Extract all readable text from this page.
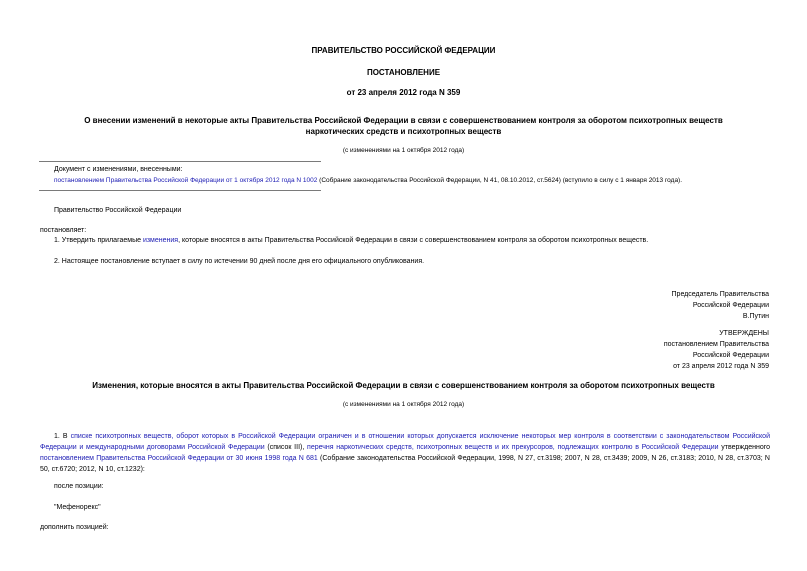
ПРАВИТЕЛЬСТВО РОССИЙСКОЙ ФЕДЕРАЦИИ
ПОСТАНОВЛЕНИЕ
от 23 апреля 2012 года N 359
О внесении изменений в некоторые акты Правительства Российской Федерации в связи с совершенствованием контроля за оборотом психотропных веществ
наркотических средств и психотропных веществ
(с изменениями на 1 октября 2012 года)
Документ с изменениями, внесенными:
постановлением Правительства Российской Федерации от 1 октября 2012 года N 1002 (Собрание законодательства Российской Федерации, N 41, 08.10.2012, ст.5624) (вступило в силу с 1 января 2013 года).
Правительство Российской Федерации
постановляет:
1. Утвердить прилагаемые изменения, которые вносятся в акты Правительства Российской Федерации в связи с совершенствованием контроля за оборотом психотропных веществ.
2. Настоящее постановление вступает в силу по истечении 90 дней после дня его официального опубликования.
Председатель Правительства
Российской Федерации
В.Путин
УТВЕРЖДЕНЫ
постановлением Правительства
Российской Федерации
от 23 апреля 2012 года N 359
Изменения, которые вносятся в акты Правительства Российской Федерации в связи с совершенствованием контроля за оборотом психотропных веществ
(с изменениями на 1 октября 2012 года)
1. В списке психотропных веществ, оборот которых в Российской Федерации ограничен и в отношении которых допускается исключение некоторых мер контроля в соответствии с законодательством Российской Федерации и международными договорами Российской Федерации (список III), перечня наркотических средств, психотропных веществ и их прекурсоров, подлежащих контролю в Российской Федерации утвержденного постановлением Правительства Российской Федерации от 30 июня 1998 года N 681 (Собрание законодательства Российской Федерации, 1998, N 27, ст.3198; 2007, N 28, ст.3439; 2009, N 26, ст.3183; 2010, N 28, ст.3703; N 50, ст.6720; 2012, N 10, ст.1232):
после позиции:
"Мефенорекс"
дополнить позицией:
